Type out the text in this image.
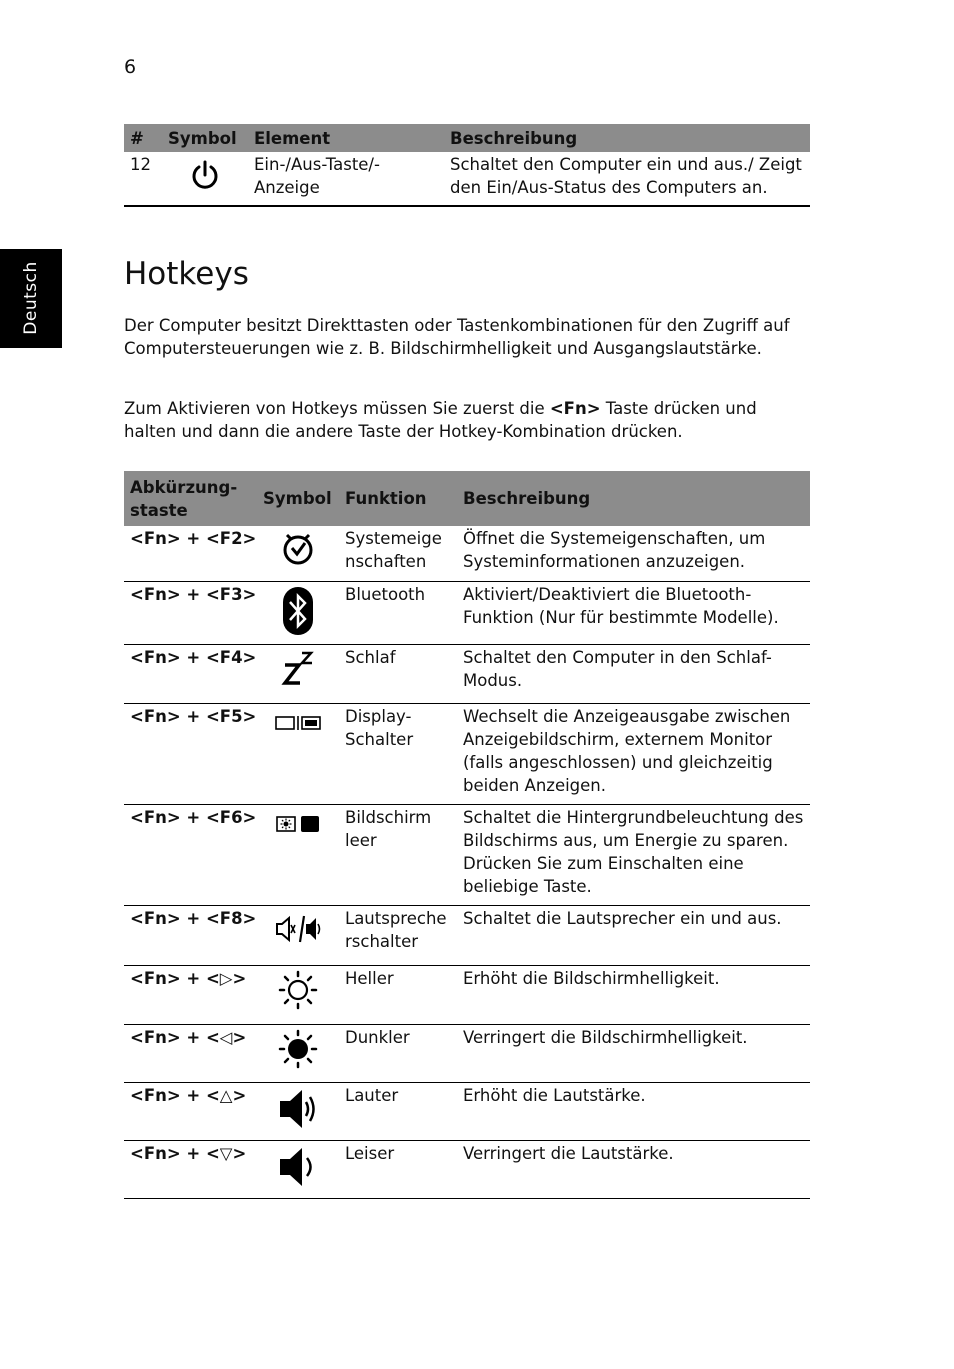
6
Deutsch
#	Symbol	Element	Beschreibung
12		Ein-/Aus-Taste/-Anzeige	Schaltet den Computer ein und aus./ Zeigt den Ein/Aus-Status des Computers an.
Hotkeys

Der Computer besitzt Direkttasten oder Tastenkombinationen für den Zugriff auf Computersteuerungen wie z. B. Bildschirmhelligkeit und Ausgangslautstärke.

Zum Aktivieren von Hotkeys müssen Sie zuerst die <Fn> Taste drücken und halten und dann die andere Taste der Hotkey-Kombination drücken.

Abkürzung-staste	Symbol	Funktion	Beschreibung
<Fn> + <F2>		Systemeigenschaften	Öffnet die Systemeigenschaften, um Systeminformationen anzuzeigen.
<Fn> + <F3>		Bluetooth	Aktiviert/Deaktiviert die Bluetooth-Funktion (Nur für bestimmte Modelle).
<Fn> + <F4>		Schlaf	Schaltet den Computer in den Schlaf-Modus.
<Fn> + <F5>		Display-Schalter	Wechselt die Anzeigeausgabe zwischen Anzeigebildschirm, externem Monitor (falls angeschlossen) und gleichzeitig beiden Anzeigen.
<Fn> + <F6>		Bildschirm leer	Schaltet die Hintergrundbeleuchtung des Bildschirms aus, um Energie zu sparen. Drücken Sie zum Einschalten eine beliebige Taste.
<Fn> + <F8>		Lautsprecherschalter	Schaltet die Lautsprecher ein und aus.
<Fn> + <▷>		Heller	Erhöht die Bildschirmhelligkeit.
<Fn> + <◁>		Dunkler	Verringert die Bildschirmhelligkeit.
<Fn> + <△>		Lauter	Erhöht die Lautstärke.
<Fn> + <▽>		Leiser	Verringert die Lautstärke.
